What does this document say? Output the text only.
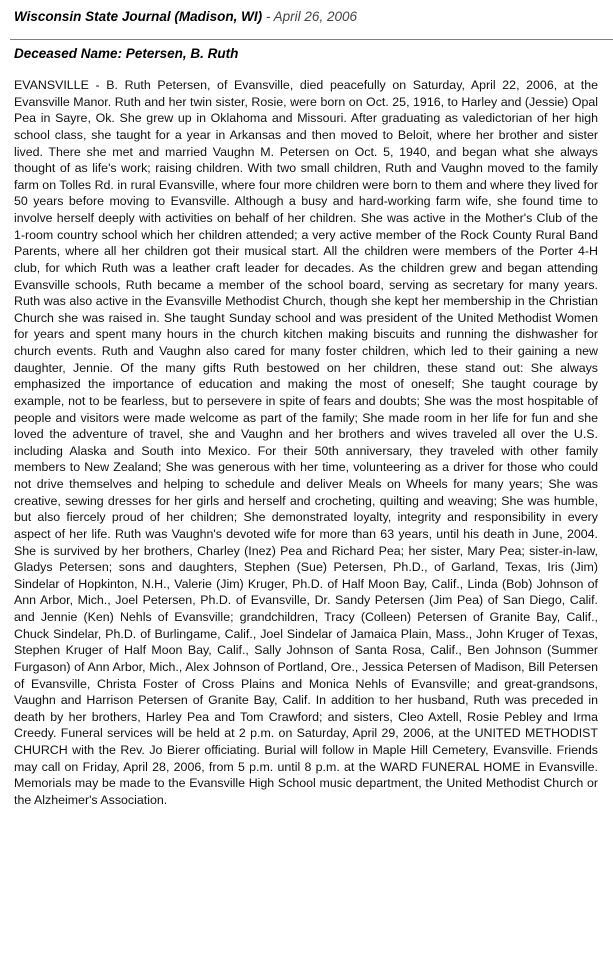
Wisconsin State Journal (Madison, WI) - April 26, 2006
Deceased Name: Petersen, B. Ruth
EVANSVILLE - B. Ruth Petersen, of Evansville, died peacefully on Saturday, April 22, 2006, at the Evansville Manor. Ruth and her twin sister, Rosie, were born on Oct. 25, 1916, to Harley and (Jessie) Opal Pea in Sayre, Ok. She grew up in Oklahoma and Missouri. After graduating as valedictorian of her high school class, she taught for a year in Arkansas and then moved to Beloit, where her brother and sister lived. There she met and married Vaughn M. Petersen on Oct. 5, 1940, and began what she always thought of as life's work; raising children. With two small children, Ruth and Vaughn moved to the family farm on Tolles Rd. in rural Evansville, where four more children were born to them and where they lived for 50 years before moving to Evansville. Although a busy and hard-working farm wife, she found time to involve herself deeply with activities on behalf of her children. She was active in the Mother's Club of the 1-room country school which her children attended; a very active member of the Rock County Rural Band Parents, where all her children got their musical start. All the children were members of the Porter 4-H club, for which Ruth was a leather craft leader for decades. As the children grew and began attending Evansville schools, Ruth became a member of the school board, serving as secretary for many years. Ruth was also active in the Evansville Methodist Church, though she kept her membership in the Christian Church she was raised in. She taught Sunday school and was president of the United Methodist Women for years and spent many hours in the church kitchen making biscuits and running the dishwasher for church events. Ruth and Vaughn also cared for many foster children, which led to their gaining a new daughter, Jennie. Of the many gifts Ruth bestowed on her children, these stand out: She always emphasized the importance of education and making the most of oneself; She taught courage by example, not to be fearless, but to persevere in spite of fears and doubts; She was the most hospitable of people and visitors were made welcome as part of the family; She made room in her life for fun and she loved the adventure of travel, she and Vaughn and her brothers and wives traveled all over the U.S. including Alaska and South into Mexico. For their 50th anniversary, they traveled with other family members to New Zealand; She was generous with her time, volunteering as a driver for those who could not drive themselves and helping to schedule and deliver Meals on Wheels for many years; She was creative, sewing dresses for her girls and herself and crocheting, quilting and weaving; She was humble, but also fiercely proud of her children; She demonstrated loyalty, integrity and responsibility in every aspect of her life. Ruth was Vaughn's devoted wife for more than 63 years, until his death in June, 2004. She is survived by her brothers, Charley (Inez) Pea and Richard Pea; her sister, Mary Pea; sister-in-law, Gladys Petersen; sons and daughters, Stephen (Sue) Petersen, Ph.D., of Garland, Texas, Iris (Jim) Sindelar of Hopkinton, N.H., Valerie (Jim) Kruger, Ph.D. of Half Moon Bay, Calif., Linda (Bob) Johnson of Ann Arbor, Mich., Joel Petersen, Ph.D. of Evansville, Dr. Sandy Petersen (Jim Pea) of San Diego, Calif. and Jennie (Ken) Nehls of Evansville; grandchildren, Tracy (Colleen) Petersen of Granite Bay, Calif., Chuck Sindelar, Ph.D. of Burlingame, Calif., Joel Sindelar of Jamaica Plain, Mass., John Kruger of Texas, Stephen Kruger of Half Moon Bay, Calif., Sally Johnson of Santa Rosa, Calif., Ben Johnson (Summer Furgason) of Ann Arbor, Mich., Alex Johnson of Portland, Ore., Jessica Petersen of Madison, Bill Petersen of Evansville, Christa Foster of Cross Plains and Monica Nehls of Evansville; and great-grandsons, Vaughn and Harrison Petersen of Granite Bay, Calif. In addition to her husband, Ruth was preceded in death by her brothers, Harley Pea and Tom Crawford; and sisters, Cleo Axtell, Rosie Pebley and Irma Creedy. Funeral services will be held at 2 p.m. on Saturday, April 29, 2006, at the UNITED METHODIST CHURCH with the Rev. Jo Bierer officiating. Burial will follow in Maple Hill Cemetery, Evansville. Friends may call on Friday, April 28, 2006, from 5 p.m. until 8 p.m. at the WARD FUNERAL HOME in Evansville. Memorials may be made to the Evansville High School music department, the United Methodist Church or the Alzheimer's Association.
